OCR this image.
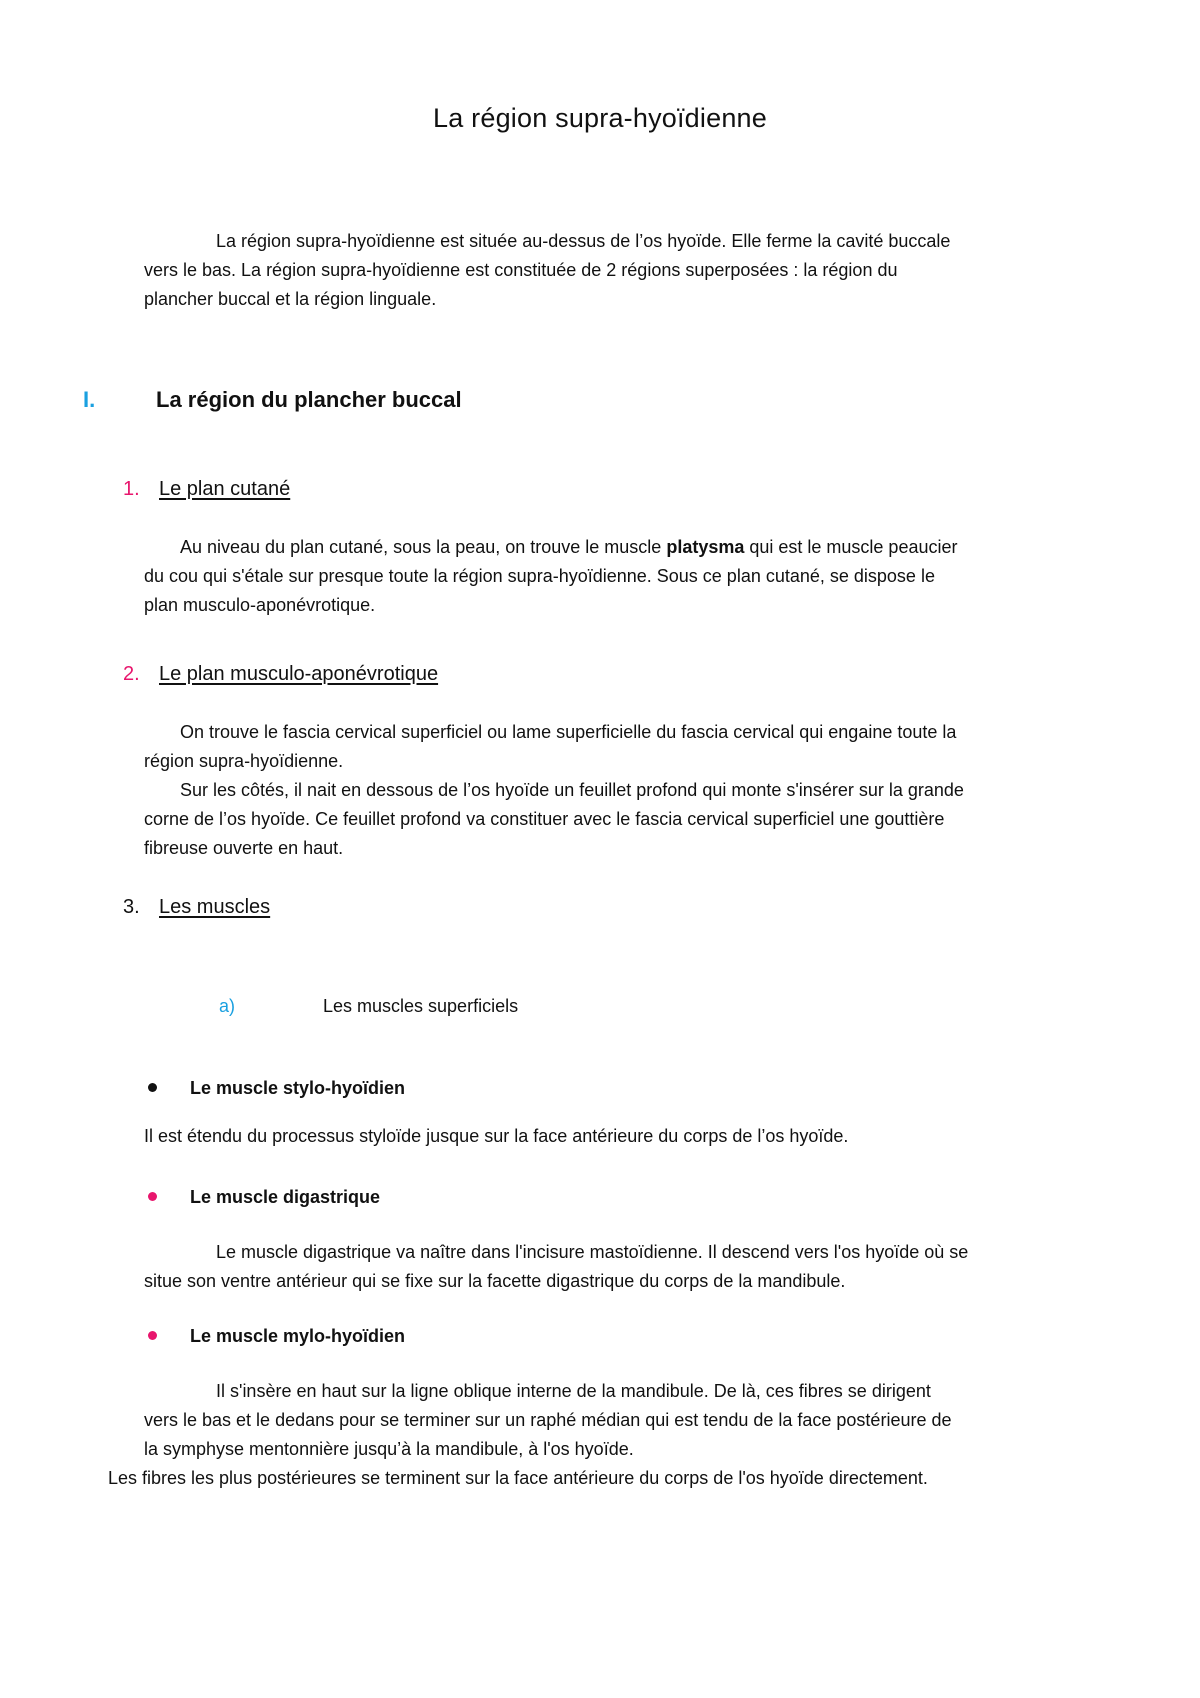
La région supra-hyoïdienne
La région supra-hyoïdienne est située au-dessus de l’os hyoïde. Elle ferme la cavité buccale
vers le bas. La région supra-hyoïdienne est constituée de 2 régions superposées : la région du
plancher buccal et la région linguale.
I.	La région du plancher buccal
1. Le plan cutané
Au niveau du plan cutané, sous la peau, on trouve le muscle platysma qui est le muscle peaucier
du cou qui s'étale sur presque toute la région supra-hyoïdienne. Sous ce plan cutané, se dispose le
plan musculo-aponévrotique.
2. Le plan musculo-aponévrotique
On trouve le fascia cervical superficiel ou lame superficielle du fascia cervical qui engaine toute la
région supra-hyoïdienne.
Sur les côtés, il nait en dessous de l’os hyoïde un feuillet profond qui monte s'insérer sur la grande
corne de l’os hyoïde. Ce feuillet profond va constituer avec le fascia cervical superficiel une gouttière
fibreuse ouverte en haut.
3. Les muscles
a)	Les muscles superficiels
Le muscle stylo-hyoïdien
Il est étendu du processus styloïde jusque sur la face antérieure du corps de l’os hyoïde.
Le muscle digastrique
Le muscle digastrique va naître dans l'incisure mastoïdienne. Il descend vers l'os hyoïde où se
situe son ventre antérieur qui se fixe sur la facette digastrique du corps de la mandibule.
Le muscle mylo-hyoïdien
Il s'insère en haut sur la ligne oblique interne de la mandibule. De là, ces fibres se dirigent
vers le bas et le dedans pour se terminer sur un raphé médian qui est tendu de la face postérieure de
la symphyse mentonnière jusqu’à la mandibule, à l'os hyoïde.
Les fibres les plus postérieures se terminent sur la face antérieure du corps de l'os hyoïde directement.
